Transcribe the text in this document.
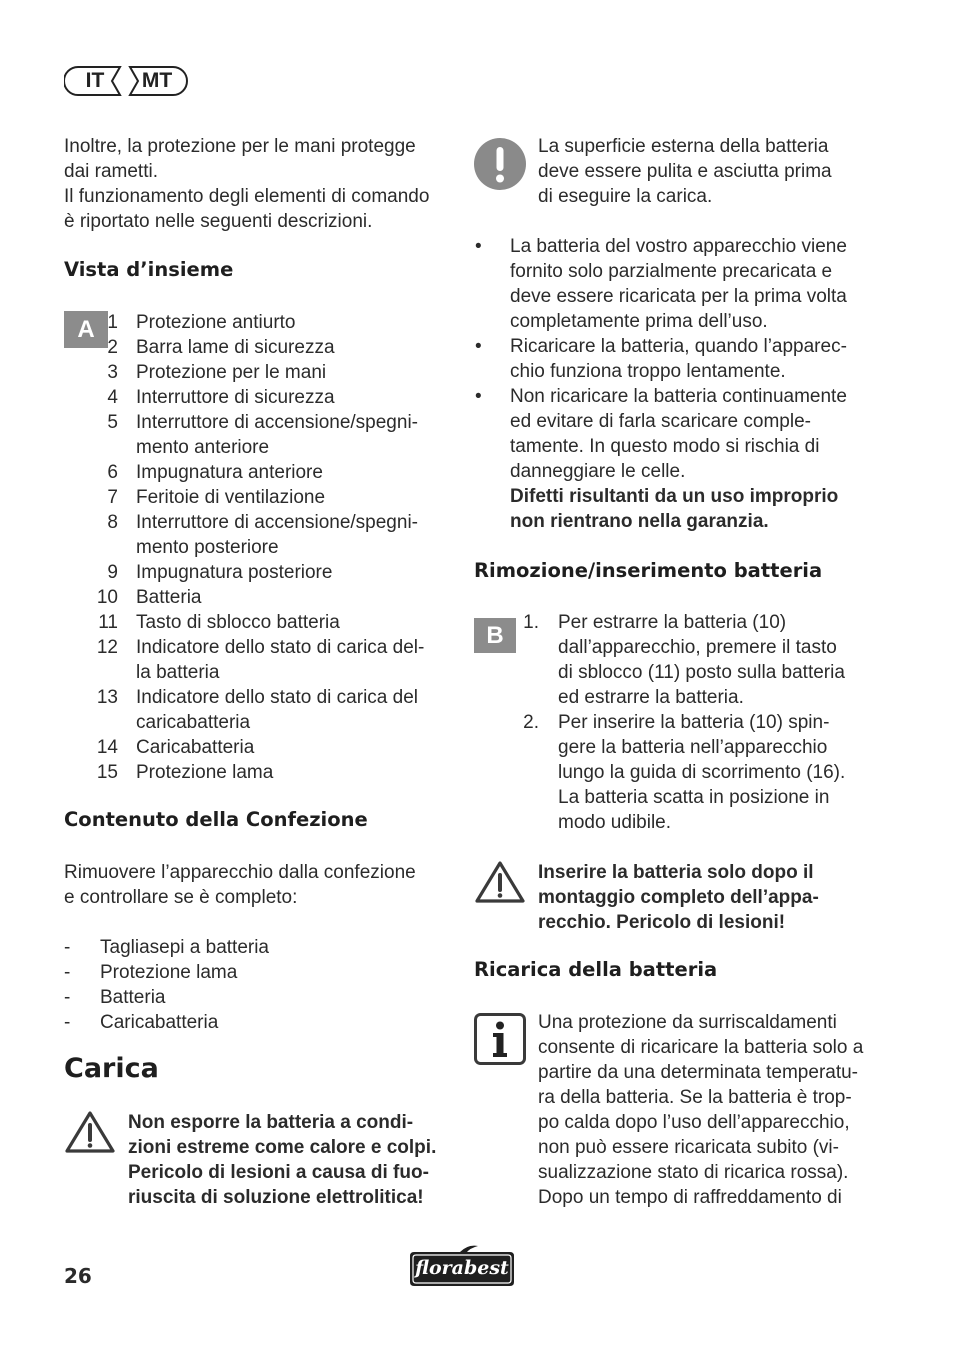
IT MT

Inoltre, la protezione per le mani protegge

dai rametti.

Il funzionamento degli elementi di comando

è riportato nelle seguenti descrizioni.

Vista d’insieme
A 1 Protezione antiurto
2 Barra lame di sicurezza
3 Protezione per le mani
4 Interruttore di sicurezza
5 Interruttore di accensione/spegni-
mento anteriore
6 Impugnatura anteriore
7 Feritoie di ventilazione
8 Interruttore di accensione/spegni-
mento posteriore
9 Impugnatura posteriore
10 Batteria
11 Tasto di sblocco batteria
12 Indicatore dello stato di carica del-
la batteria
13 Indicatore dello stato di carica del
caricabatteria
14 Caricabatteria
15 Protezione lama
Contenuto della Confezione

Rimuovere l’apparecchio dalla confezione

e controllare se è completo:

-	Tagliasepi a batteria
-	Protezione lama
-	Batteria
-	Caricabatteria
Carica

Non esporre la batteria a condi-

zioni estreme come calore e colpi.

Pericolo di lesioni a causa di fuo-

riuscita di soluzione elettrolitica!

La superficie esterna della batteria

deve essere pulita e asciutta prima

di eseguire la carica.

•	La batteria del vostro apparecchio viene

fornito solo parzialmente precaricata e

deve essere ricaricata per la prima volta

completamente prima dell’uso.

•	Ricaricare la batteria, quando l’apparec-

chio funziona troppo lentamente.

•	Non ricaricare la batteria continuamente

ed evitare di farla scaricare comple-

tamente. In questo modo si rischia di

danneggiare le celle.

Difetti risultanti da un uso improprio

non rientrano nella garanzia.

Rimozione/inserimento batteria
B	1.	Per estrarre la batteria (10)

dall’apparecchio, premere il tasto

di sblocco (11) posto sulla batteria

ed estrarre la batteria.

2.	Per inserire la batteria (10) spin-

gere la batteria nell’apparecchio

lungo la guida di scorrimento (16).

La batteria scatta in posizione in

modo udibile.

Inserire la batteria solo dopo il

montaggio completo dell’appa-

recchio. Pericolo di lesioni!

Ricarica della batteria

Una protezione da surriscaldamenti

consente di ricaricare la batteria solo a

partire da una determinata temperatu-

ra della batteria. Se la batteria è trop-

po calda dopo l’uso dell’apparecchio,

non può essere ricaricata subito (vi-

sualizzazione stato di ricarica rossa).

Dopo un tempo di raffreddamento di

26	florabest
